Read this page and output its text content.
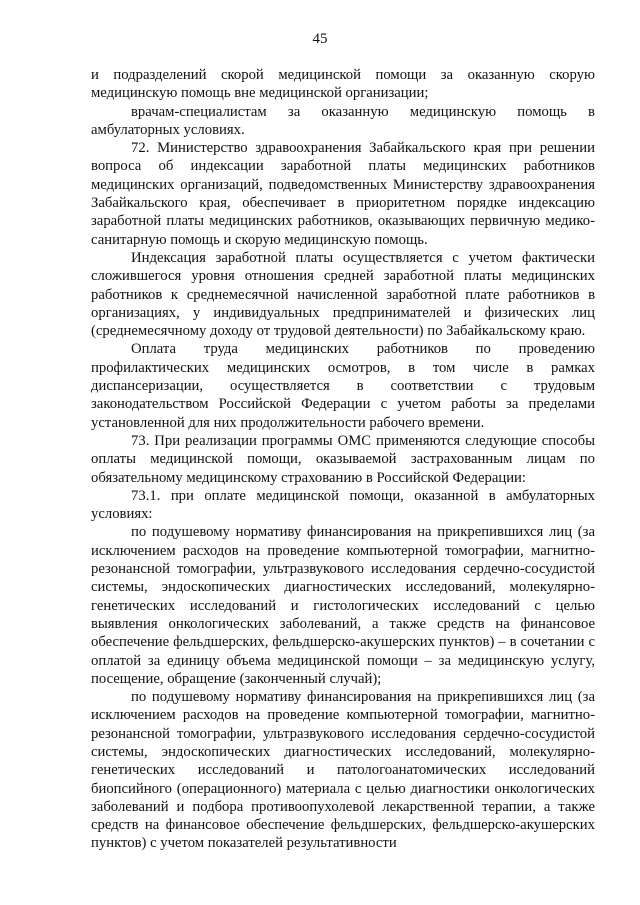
45

и подразделений скорой медицинской помощи за оказанную скорую медицинскую помощь вне медицинской организации;

врачам-специалистам за оказанную медицинскую помощь в амбулаторных условиях.

72. Министерство здравоохранения Забайкальского края при решении вопроса об индексации заработной платы медицинских работников медицинских организаций, подведомственных Министерству здравоохранения Забайкальского края, обеспечивает в приоритетном порядке индексацию заработной платы медицинских работников, оказывающих первичную медико-санитарную помощь и скорую медицинскую помощь.

Индексация заработной платы осуществляется с учетом фактически сложившегося уровня отношения средней заработной платы медицинских работников к среднемесячной начисленной заработной плате работников в организациях, у индивидуальных предпринимателей и физических лиц (среднемесячному доходу от трудовой деятельности) по Забайкальскому краю.

Оплата труда медицинских работников по проведению профилактических медицинских осмотров, в том числе в рамках диспансеризации, осуществляется в соответствии с трудовым законодательством Российской Федерации с учетом работы за пределами установленной для них продолжительности рабочего времени.

73. При реализации программы ОМС применяются следующие способы оплаты медицинской помощи, оказываемой застрахованным лицам по обязательному медицинскому страхованию в Российской Федерации:

73.1. при оплате медицинской помощи, оказанной в амбулаторных условиях:

по подушевому нормативу финансирования на прикрепившихся лиц (за исключением расходов на проведение компьютерной томографии, магнитно-резонансной томографии, ультразвукового исследования сердечно-сосудистой системы, эндоскопических диагностических исследований, молекулярно-генетических исследований и гистологических исследований с целью выявления онкологических заболеваний, а также средств на финансовое обеспечение фельдшерских, фельдшерско-акушерских пунктов) – в сочетании с оплатой за единицу объема медицинской помощи – за медицинскую услугу, посещение, обращение (законченный случай);

по подушевому нормативу финансирования на прикрепившихся лиц (за исключением расходов на проведение компьютерной томографии, магнитно-резонансной томографии, ультразвукового исследования сердечно-сосудистой системы, эндоскопических диагностических исследований, молекулярно-генетических исследований и патологоанатомических исследований биопсийного (операционного) материала с целью диагностики онкологических заболеваний и подбора противоопухолевой лекарственной терапии, а также средств на финансовое обеспечение фельдшерских, фельдшерско-акушерских пунктов) с учетом показателей результативности
